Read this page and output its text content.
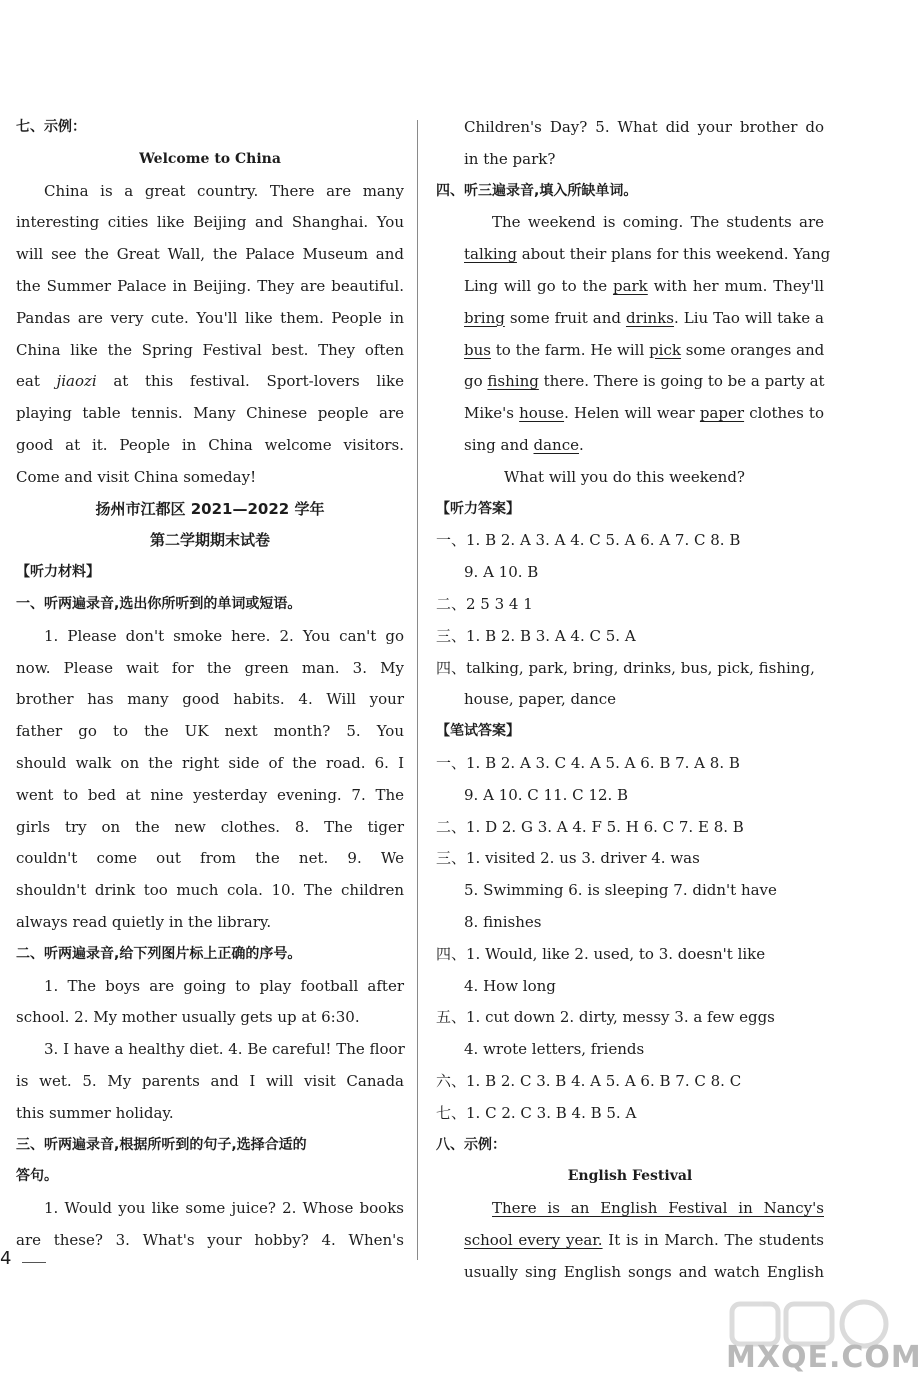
七、示例：
Welcome to China
China is a great country. There are many
interesting cities like Beijing and Shanghai. You
will see the Great Wall, the Palace Museum and
the Summer Palace in Beijing. They are beautiful.
Pandas are very cute. You'll like them. People in
China like the Spring Festival best. They often
eat jiaozi at this festival. Sport-lovers like
playing table tennis. Many Chinese people are
good at it. People in China welcome visitors.
Come and visit China someday!
扬州市江都区 2021—2022 学年
第二学期期末试卷
【听力材料】
一、听两遍录音,选出你所听到的单词或短语。
1. Please don't smoke here. 2. You can't go
now. Please wait for the green man. 3. My
brother has many good habits. 4. Will your
father go to the UK next month? 5. You
should walk on the right side of the road. 6. I
went to bed at nine yesterday evening. 7. The
girls try on the new clothes. 8. The tiger
couldn't come out from the net. 9. We
shouldn't drink too much cola. 10. The children
always read quietly in the library.
二、听两遍录音,给下列图片标上正确的序号。
1. The boys are going to play football after
school. 2. My mother usually gets up at 6:30.
3. I have a healthy diet. 4. Be careful! The floor
is wet. 5. My parents and I will visit Canada
this summer holiday.
三、听两遍录音,根据所听到的句子,选择合适的
答句。
1. Would you like some juice? 2. Whose books
are these? 3. What's your hobby? 4. When's
Children's Day? 5. What did your brother do
in the park?
四、听三遍录音,填入所缺单词。
The weekend is coming. The students are
talking about their plans for this weekend. Yang
Ling will go to the park with her mum. They'll
bring some fruit and drinks. Liu Tao will take a
bus to the farm. He will pick some oranges and
go fishing there. There is going to be a party at
Mike's house. Helen will wear paper clothes to
sing and dance.
What will you do this weekend?
【听力答案】
一、1. B 2. A 3. A 4. C 5. A 6. A 7. C 8. B
9. A 10. B
二、2 5 3 4 1
三、1. B 2. B 3. A 4. C 5. A
四、talking, park, bring, drinks, bus, pick, fishing,
house, paper, dance
【笔试答案】
一、1. B 2. A 3. C 4. A 5. A 6. B 7. A 8. B
9. A 10. C 11. C 12. B
二、1. D 2. G 3. A 4. F 5. H 6. C 7. E 8. B
三、1. visited 2. us 3. driver 4. was
5. Swimming 6. is sleeping 7. didn't have
8. finishes
四、1. Would, like 2. used, to 3. doesn't like
4. How long
五、1. cut down 2. dirty, messy 3. a few eggs
4. wrote letters, friends
六、1. B 2. C 3. B 4. A 5. A 6. B 7. C 8. C
七、1. C 2. C 3. B 4. B 5. A
八、示例：
English Festival
There is an English Festival in Nancy's
school every year. It is in March. The students
usually sing English songs and watch English
4
MXQE.COM
